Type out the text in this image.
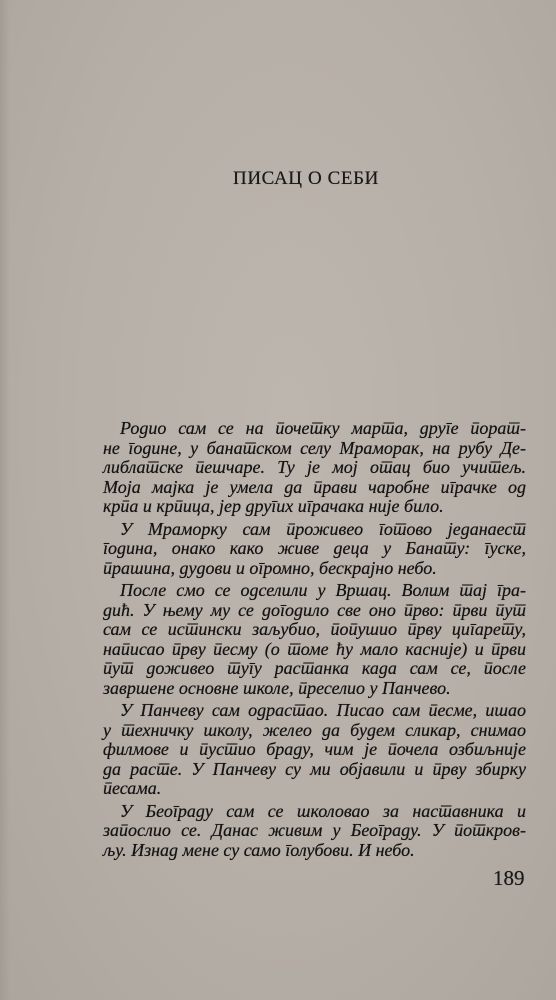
ПИСАЦ О СЕБИ
Родио сам се на почетку марта, друге порат-
не године, у банатском селу Мраморак, на рубу Де-
либлатске пешчаре. Ту је мој отац био учитељ.
Моја мајка је умела да прави чаробне играчке од
крпа и крпица, јер других играчака није било.
У Мраморку сам проживео готово једанаест
година, онако како живе деца у Банату: гуске,
прашина, дудови и огромно, бескрајно небо.
После смо се одселили у Вршац. Волим тај гра-
дић. У њему му се догодило све оно прво: први пут
сам се истински заљубио, попушио прву цигарету,
написао прву песму (о томе ћу мало касније) и први
пут доживео тугу растанка када сам се, после
завршене основне школе, преселио у Панчево.
У Панчеву сам одрастао. Писао сам песме, ишао
у техничку школу, желео да будем сликар, снимао
филмове и пустио браду, чим је почела озбиљније
да расте. У Панчеву су ми објавили и прву збирку
песама.
У Београду сам се школовао за наставника и
запослио се. Данас живим у Београду. У поткров-
љу. Изнад мене су само голубови. И небо.
189
